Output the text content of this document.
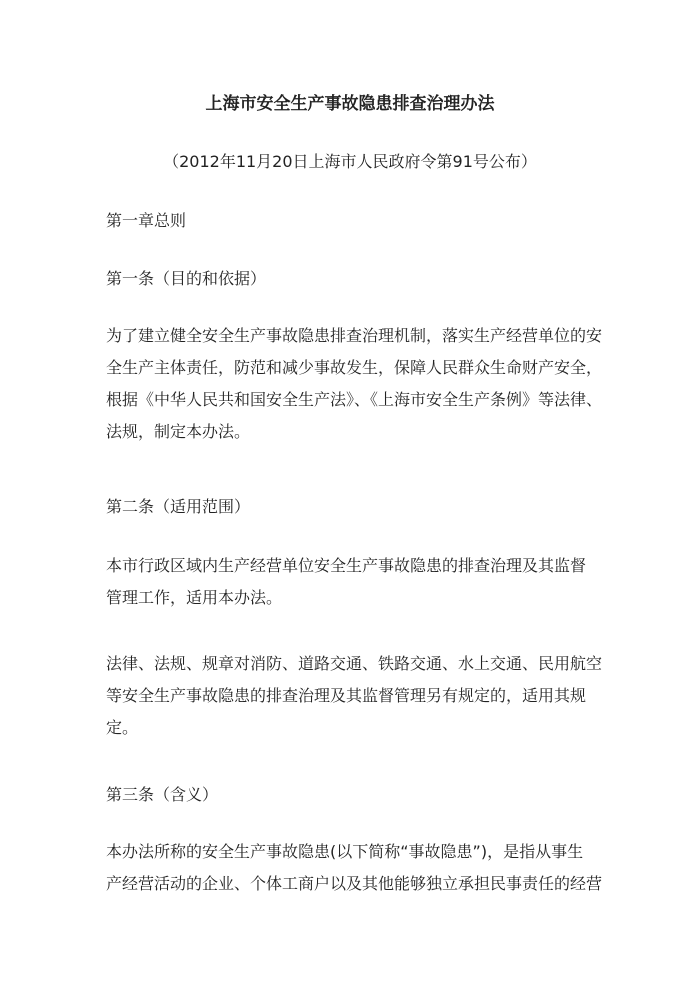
上海市安全生产事故隐患排查治理办法
（2012年11月20日上海市人民政府令第91号公布）
第一章总则
第一条（目的和依据）
为了建立健全安全生产事故隐患排查治理机制，落实生产经营单位的安
全生产主体责任，防范和减少事故发生，保障人民群众生命财产安全，
根据《中华人民共和国安全生产法》、《上海市安全生产条例》等法律、
法规，制定本办法。
第二条（适用范围）
本市行政区域内生产经营单位安全生产事故隐患的排查治理及其监督
管理工作，适用本办法。
法律、法规、规章对消防、道路交通、铁路交通、水上交通、民用航空
等安全生产事故隐患的排查治理及其监督管理另有规定的，适用其规
定。
第三条（含义）
本办法所称的安全生产事故隐患(以下简称“事故隐患”)，是指从事生
产经营活动的企业、个体工商户以及其他能够独立承担民事责任的经营
